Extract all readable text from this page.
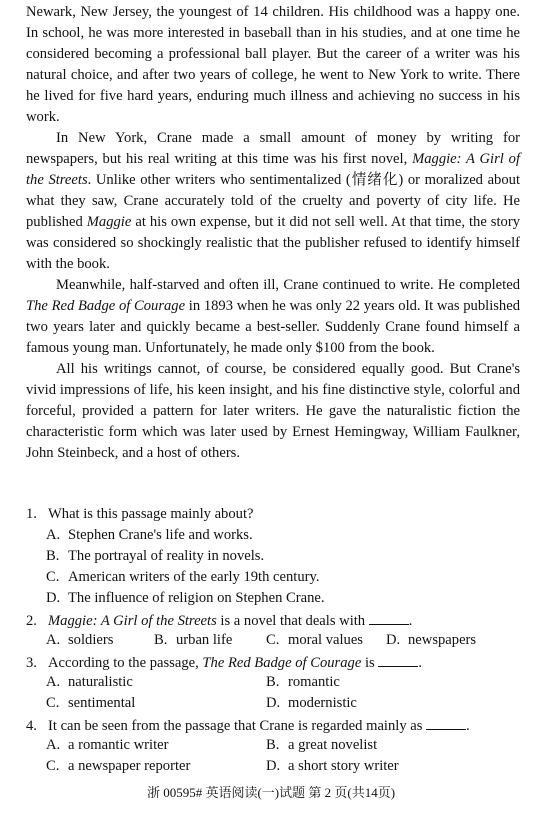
Newark, New Jersey, the youngest of 14 children. His childhood was a happy one. In school, he was more interested in baseball than in his studies, and at one time he considered becoming a professional ball player. But the career of a writer was his natural choice, and after two years of college, he went to New York to write. There he lived for five hard years, enduring much illness and achieving no success in his work.

In New York, Crane made a small amount of money by writing for newspapers, but his real writing at this time was his first novel, Maggie: A Girl of the Streets. Unlike other writers who sentimentalized (情绪化) or moralized about what they saw, Crane accurately told of the cruelty and poverty of city life. He published Maggie at his own expense, but it did not sell well. At that time, the story was considered so shockingly realistic that the publisher refused to identify himself with the book.

Meanwhile, half-starved and often ill, Crane continued to write. He completed The Red Badge of Courage in 1893 when he was only 22 years old. It was published two years later and quickly became a best-seller. Suddenly Crane found himself a famous young man. Unfortunately, he made only $100 from the book.

All his writings cannot, of course, be considered equally good. But Crane's vivid impressions of life, his keen insight, and his fine distinctive style, colorful and forceful, provided a pattern for later writers. He gave the naturalistic fiction the characteristic form which was later used by Ernest Hemingway, William Faulkner, John Steinbeck, and a host of others.

1. What is this passage mainly about?
A. Stephen Crane's life and works.
B. The portrayal of reality in novels.
C. American writers of the early 19th century.
D. The influence of religion on Stephen Crane.
2. Maggie: A Girl of the Streets is a novel that deals with	.
A. soldiers	B. urban life C. moral values D. newspapers
3. According to the passage, The Red Badge of Courage is	.
A. naturalistic	B. romantic
C. sentimental	D. modernistic
4. It can be seen from the passage that Crane is regarded mainly as	.
A. a romantic writer	B. a great novelist
C. a newspaper reporter	D. a short story writer
浙 00595# 英语阅读(一)试题 第 2 页(共14页)
